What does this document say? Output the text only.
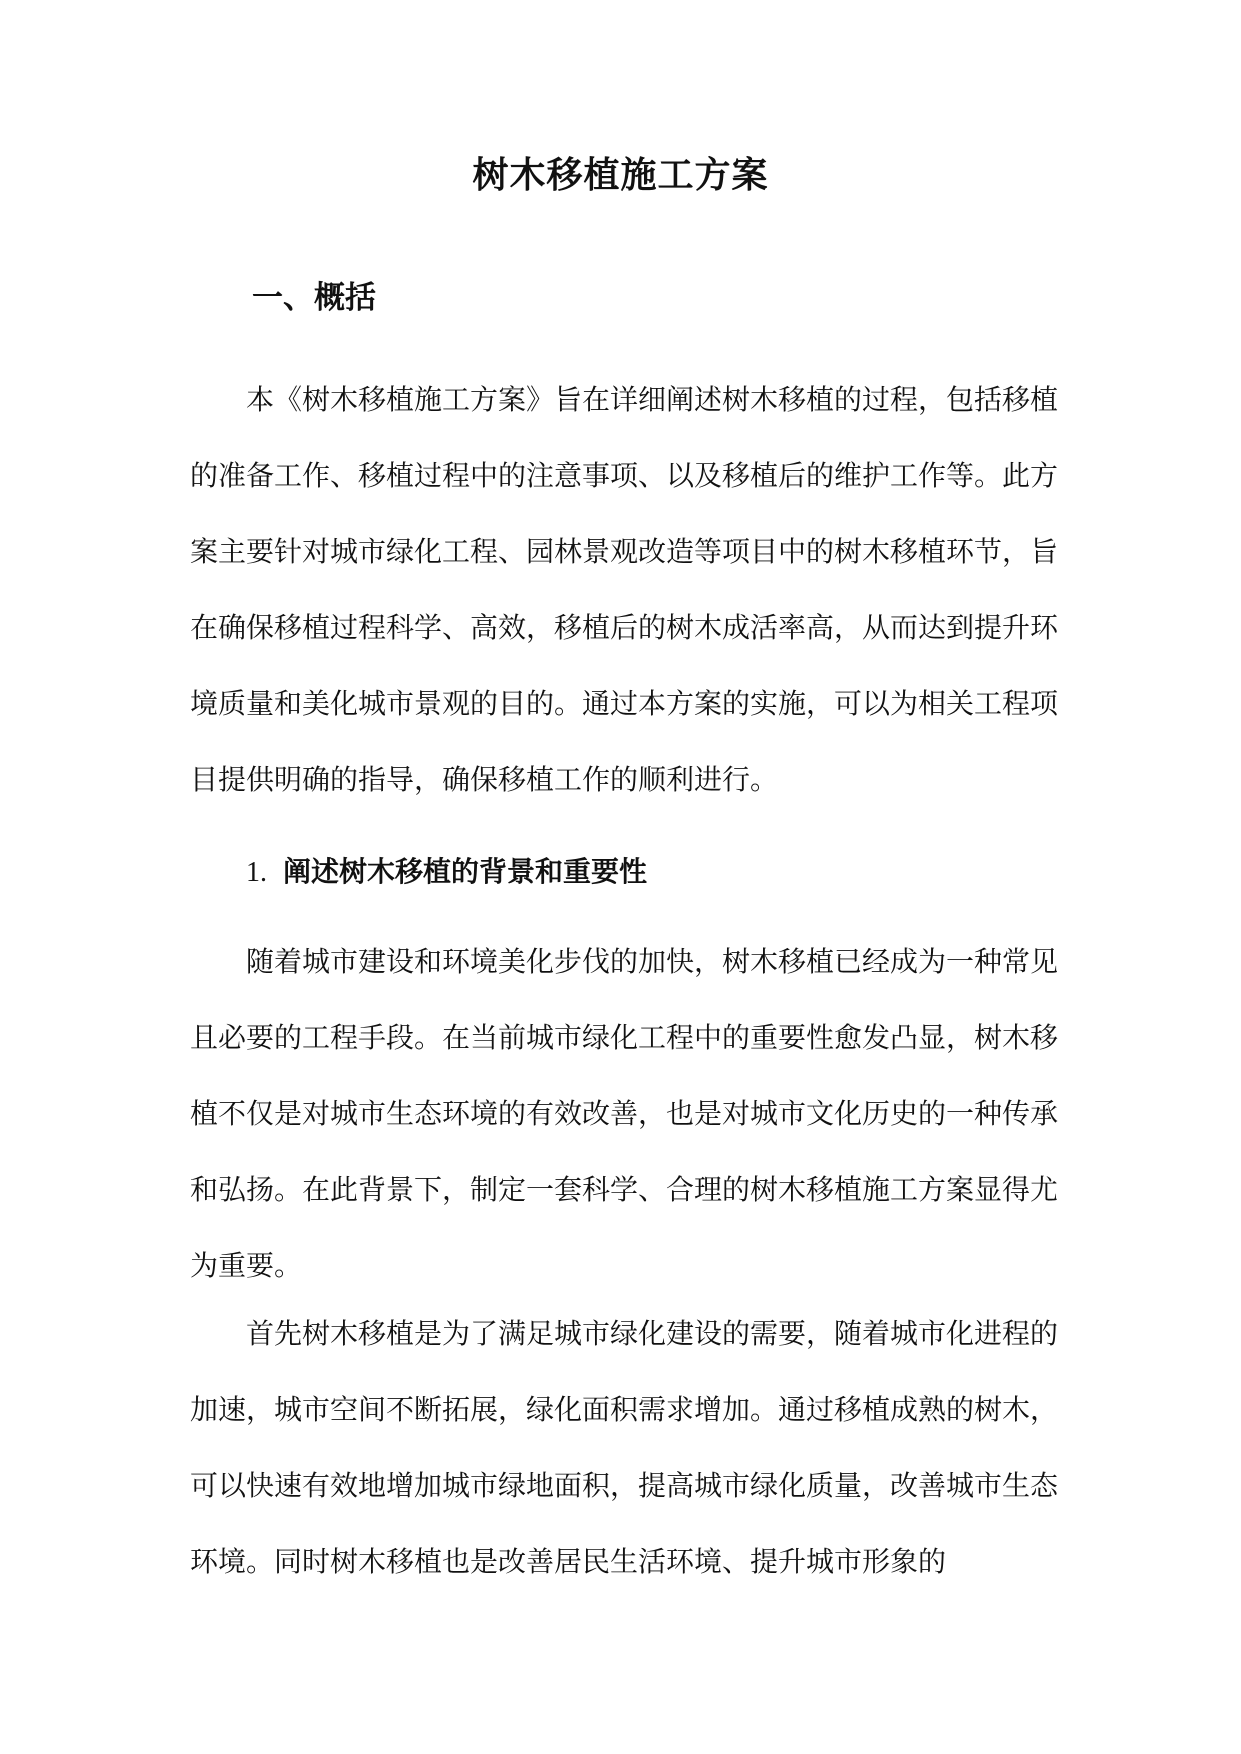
树木移植施工方案
一、概括

本《树木移植施工方案》旨在详细阐述树木移植的过程，包括移植的准备工作、移植过程中的注意事项、以及移植后的维护工作等。此方案主要针对城市绿化工程、园林景观改造等项目中的树木移植环节，旨在确保移植过程科学、高效，移植后的树木成活率高，从而达到提升环境质量和美化城市景观的目的。通过本方案的实施，可以为相关工程项目提供明确的指导，确保移植工作的顺利进行。

1. 阐述树木移植的背景和重要性

随着城市建设和环境美化步伐的加快，树木移植已经成为一种常见且必要的工程手段。在当前城市绿化工程中的重要性愈发凸显，树木移植不仅是对城市生态环境的有效改善，也是对城市文化历史的一种传承和弘扬。在此背景下，制定一套科学、合理的树木移植施工方案显得尤为重要。

首先树木移植是为了满足城市绿化建设的需要，随着城市化进程的加速，城市空间不断拓展，绿化面积需求增加。通过移植成熟的树木，可以快速有效地增加城市绿地面积，提高城市绿化质量，改善城市生态环境。同时树木移植也是改善居民生活环境、提升城市形象的
